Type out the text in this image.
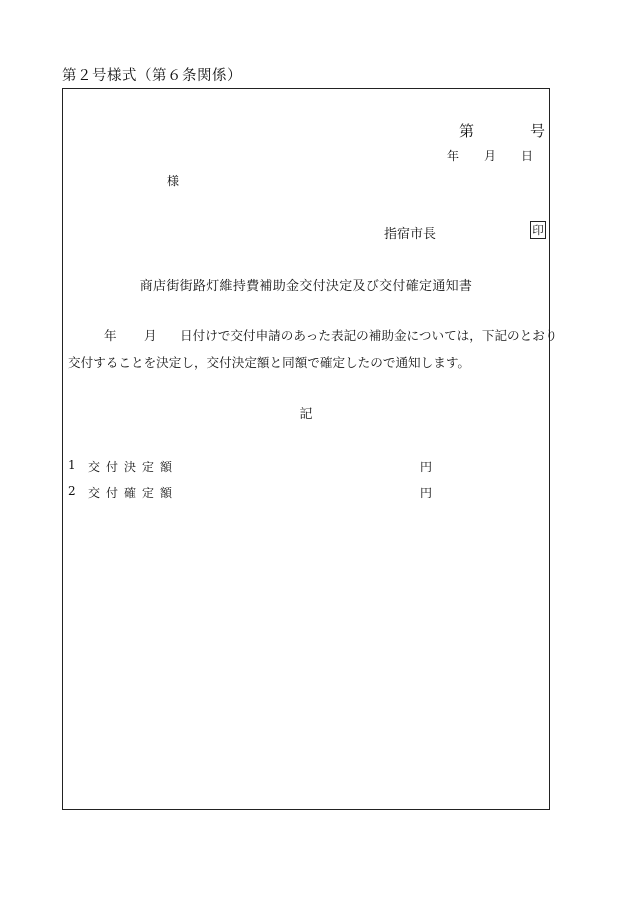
第２号様式（第６条関係）
第	号
年 月 日
様
指宿市長	印
商店街街路灯維持費補助金交付決定及び交付確定通知書
年 月 日付けで交付申請のあった表記の補助金については，下記のとおり
交付することを決定し，交付決定額と同額で確定したので通知します。
記
1 交付決定額	円
2 交付確定額	円
